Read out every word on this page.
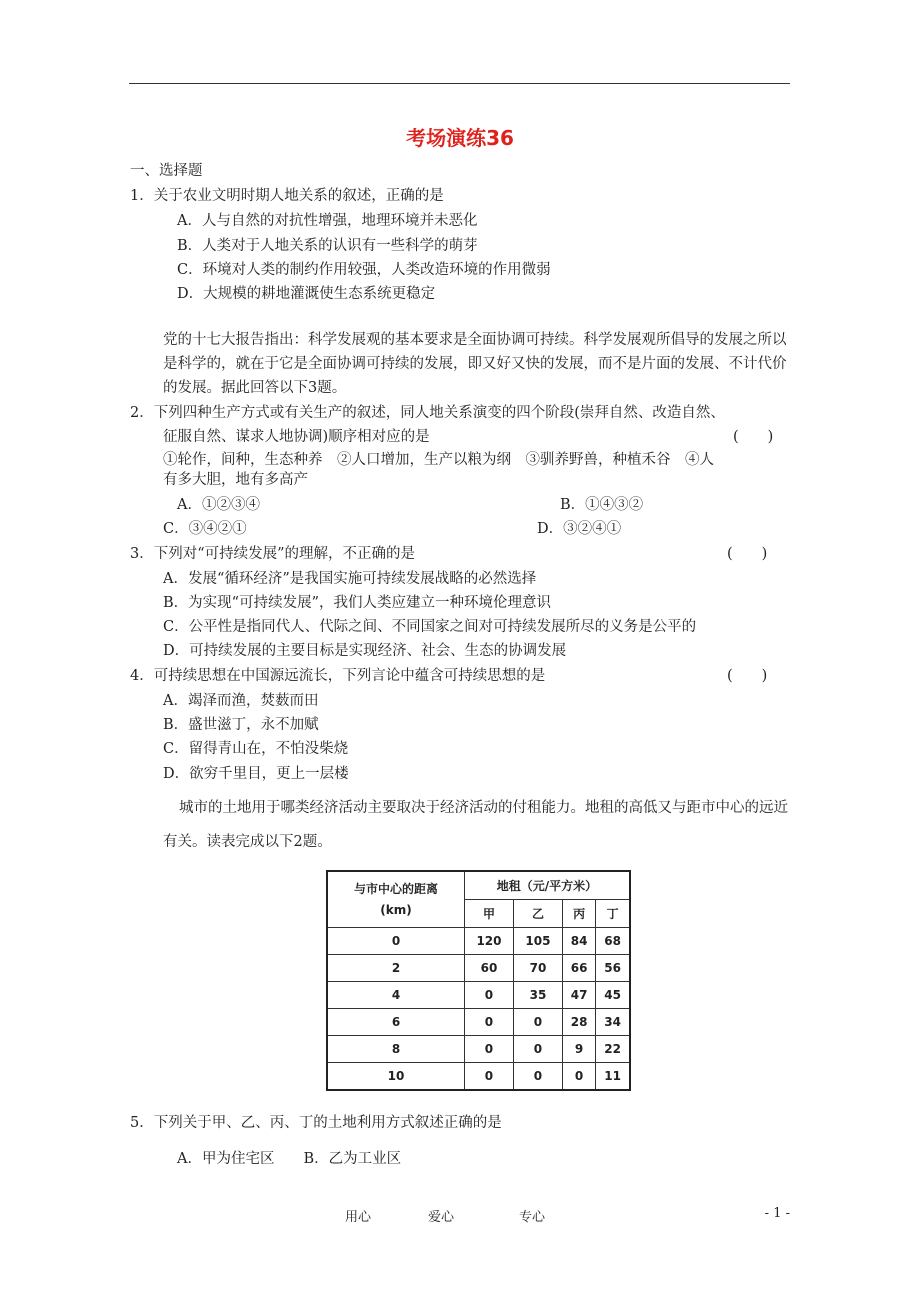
考场演练36
一、选择题
1．关于农业文明时期人地关系的叙述，正确的是
A．人与自然的对抗性增强，地理环境并未恶化
B．人类对于人地关系的认识有一些科学的萌芽
C．环境对人类的制约作用较强，人类改造环境的作用微弱
D．大规模的耕地灌溉使生态系统更稳定
党的十七大报告指出：科学发展观的基本要求是全面协调可持续。科学发展观所倡导的发展之所以是科学的，就在于它是全面协调可持续的发展，即又好又快的发展，而不是片面的发展、不计代价的发展。据此回答以下3题。
2．下列四种生产方式或有关生产的叙述，同人地关系演变的四个阶段(崇拜自然、改造自然、
征服自然、谋求人地协调)顺序相对应的是	(　　)
①轮作，间种，生态种养　②人口增加，生产以粮为纲　③驯养野兽，种植禾谷　④人
有多大胆，地有多高产
A．①②③④	B．①④③②
C．③④②①	D．③②④①
3．下列对“可持续发展”的理解，不正确的是	(　　)
A．发展“循环经济”是我国实施可持续发展战略的必然选择
B．为实现“可持续发展”，我们人类应建立一种环境伦理意识
C．公平性是指同代人、代际之间、不同国家之间对可持续发展所尽的义务是公平的
D．可持续发展的主要目标是实现经济、社会、生态的协调发展
4．可持续思想在中国源远流长，下列言论中蕴含可持续思想的是	(　　)
A．竭泽而渔，焚薮而田
B．盛世滋丁，永不加赋
C．留得青山在，不怕没柴烧
D．欲穷千里目，更上一层楼
城市的土地用于哪类经济活动主要取决于经济活动的付租能力。地租的高低又与距市中心的远近有关。读表完成以下2题。
与市中心的距离
(km)	地租（元/平方米）			
	甲	乙	丙	丁
0	120	105	84	68
2	60	70	66	56
4	0	35	47	45
6	0	0	28	34
8	0	0	9	22
10	0	0	0	11
5．下列关于甲、乙、丙、丁的土地利用方式叙述正确的是
A．甲为住宅区　　B．乙为工业区
用心	爱心	专心	- 1 -
